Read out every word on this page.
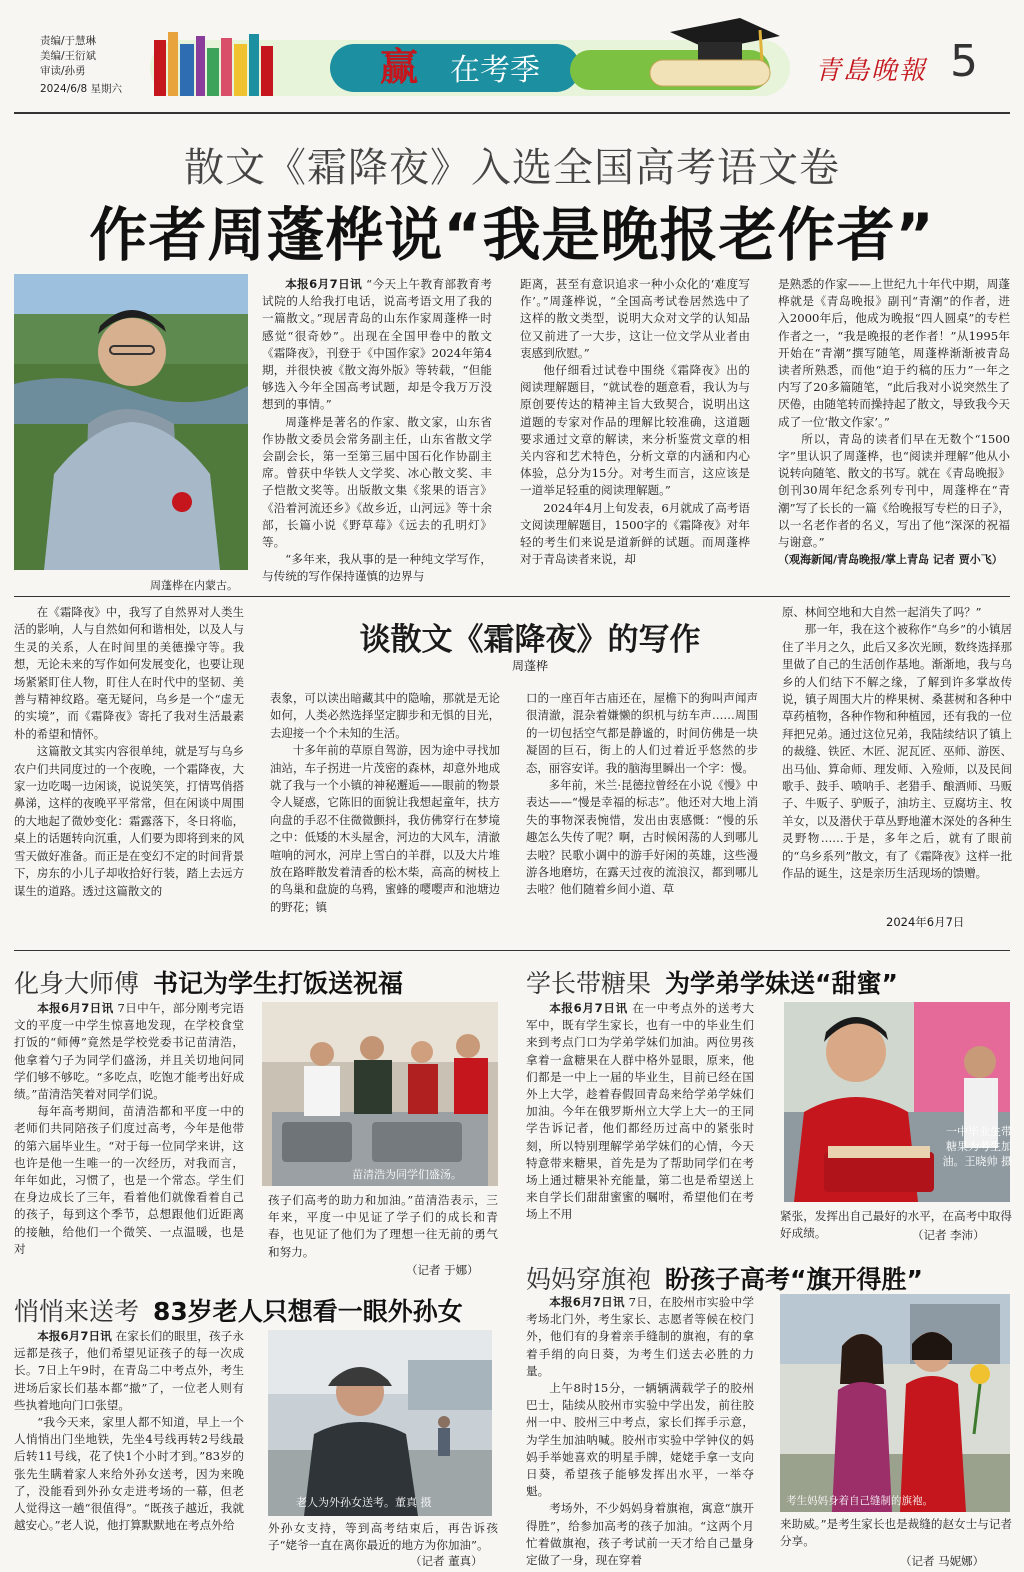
责编/于慧琳
美编/王衍斌
审读/孙勇
2024/6/8 星期六	赢 在考季	青島晚報 5
散文《霜降夜》入选全国高考语文卷
作者周蓬桦说“我是晚报老作者”
周蓬桦在内蒙古。

本报6月7日讯 “今天上午教育部教育考试院的人给我打电话，说高考语文用了我的一篇散文。”现居青岛的山东作家周蓬桦一时感觉“很奇妙”。出现在全国甲卷中的散文《霜降夜》，刊登于《中国作家》2024年第4期，并很快被《散文海外版》等转载，“但能够选入今年全国高考试题，却是令我万万没想到的事情。”

周蓬桦是著名的作家、散文家，山东省作协散文委员会常务副主任，山东省散文学会副会长，第一至第三届中国石化作协副主席。曾获中华铁人文学奖、冰心散文奖、丰子恺散文奖等。出版散文集《浆果的语言》《沿着河流还乡》《故乡近，山河远》等十余部，长篇小说《野草莓》《远去的孔明灯》等。

“多年来，我从事的是一种纯文学写作，与传统的写作保持谨慎的边界与

距离，甚至有意识追求一种小众化的‘难度写作’。”周蓬桦说，“全国高考试卷居然选中了这样的散文类型，说明大众对文学的认知品位又前进了一大步，这让一位文学从业者由衷感到欣慰。”

他仔细看过试卷中围绕《霜降夜》出的阅读理解题目，“就试卷的题意看，我认为与原创要传达的精神主旨大致契合，说明出这道题的专家对作品的理解比较准确，这道题要求通过文章的解读，来分析鉴赏文章的相关内容和艺术特色，分析文章的内涵和内心体验，总分为15分。对考生而言，这应该是一道举足轻重的阅读理解题。”

2024年4月上旬发表，6月就成了高考语文阅读理解题目，1500字的《霜降夜》对年轻的考生们来说是道新鲜的试题。而周蓬桦对于青岛读者来说，却

是熟悉的作家——上世纪九十年代中期，周蓬桦就是《青岛晚报》副刊“青潮”的作者，进入2000年后，他成为晚报“四人圆桌”的专栏作者之一，“我是晚报的老作者！”从1995年开始在“青潮”撰写随笔，周蓬桦渐渐被青岛读者所熟悉，而他“迫于约稿的压力”一年之内写了20多篇随笔，“此后我对小说突然生了厌倦，由随笔转而操持起了散文，导致我今天成了一位‘散文作家’。”

所以，青岛的读者们早在无数个“1500字”里认识了周蓬桦，也“阅读并理解”他从小说转向随笔、散文的书写。就在《青岛晚报》创刊30周年纪念系列专刊中，周蓬桦在“青潮”写了长长的一篇《给晚报写专栏的日子》，以一名老作者的名义，写出了他“深深的祝福与谢意。”

（观海新闻/青岛晚报/掌上青岛 记者 贾小飞）

谈散文《霜降夜》的写作
周蓬桦

在《霜降夜》中，我写了自然界对人类生活的影响，人与自然如何和谐相处，以及人与生灵的关系，人在时间里的美德操守等。我想，无论未来的写作如何发展变化，也要让现场紧紧盯住人物，盯住人在时代中的坚韧、美善与精神纹路。毫无疑问，乌乡是一个“虚无的实境”，而《霜降夜》寄托了我对生活最素朴的希望和情怀。

这篇散文其实内容很单纯，就是写与乌乡农户们共同度过的一个夜晚，一个霜降夜，大家一边吃喝一边闲谈，说说笑笑，打情骂俏搭鼻涕，这样的夜晚平平常常，但在闲谈中周围的大地起了微妙变化：霜露落下，冬日将临，桌上的话题转向沉重，人们要为即将到来的风雪天做好准备。而正是在变幻不定的时间背景下，房东的小儿子却收拾好行装，踏上去远方谋生的道路。透过这篇散文的

表象，可以读出暗藏其中的隐喻，那就是无论如何，人类必然选择坚定脚步和无惧的目光，去迎接一个个未知的生活。

十多年前的草原自驾游，因为途中寻找加油站，车子拐进一片茂密的森林，却意外地成就了我与一个小镇的神秘邂逅——眼前的物景令人疑惑，它陈旧的面貌让我想起童年，扶方向盘的手忍不住微微颤抖，我仿佛穿行在梦境之中：低矮的木头屋舍，河边的大风车，清澈喧响的河水，河岸上雪白的羊群，以及大片堆放在路畔散发着清香的松木柴，高高的树枝上的鸟巢和盘旋的乌鸦，蜜蜂的嘤嘤声和池塘边的野花；镇

口的一座百年古庙还在，屋檐下的狗叫声闻声很清澈，混杂着嫌懒的织机与纺车声……周围的一切包括空气都是静谧的，时间仿佛是一块凝固的巨石，街上的人们过着近乎悠然的步态，丽容安详。我的脑海里瞬出一个字：慢。

多年前，米兰·昆德拉曾经在小说《慢》中表达——“慢是幸福的标志”。他还对大地上消失的事物深表惋惜，发出由衷感慨：“慢的乐趣怎么失传了呢？啊，古时候闲荡的人到哪儿去啦？民歌小调中的游手好闲的英雄，这些漫游各地磨坊，在露天过夜的流浪汉，都到哪儿去啦？他们随着乡间小道、草

原、林间空地和大自然一起消失了吗？”

那一年，我在这个被称作“乌乡”的小镇居住了半月之久，此后又多次光顾，数终选择那里做了自己的生活创作基地。渐渐地，我与乌乡的人们结下不解之缘，了解到许多掌故传说，镇子周围大片的桦果树、桑葚树和各种中草药植物，各种作物和种植园，还有我的一位拜把兄弟。通过这位兄弟，我陆续结识了镇上的裁缝、铁匠、木匠、泥瓦匠、巫师、游医、出马仙、算命师、理发师、入殓师，以及民间歌手、鼓手、喷呐手、老猎手、酿酒师、马贩子、牛贩子、驴贩子，油坊主、豆腐坊主、牧羊女，以及潜伏于草丛野地灌木深处的各种生灵野物……于是，多年之后，就有了眼前的“乌乡系列”散文，有了《霜降夜》这样一批作品的诞生，这是亲历生活现场的馈赠。

2024年6月7日
化身大师傅 书记为学生打饭送祝福

本报6月7日讯 7日中午，部分刚考完语文的平度一中学生惊喜地发现，在学校食堂打饭的“师傅”竟然是学校党委书记苗清浩，他拿着勺子为同学们盛汤，并且关切地问同学们够不够吃。“多吃点，吃饱才能考出好成绩。”苗清浩笑着对同学们说。

每年高考期间，苗清浩都和平度一中的老师们共同陪孩子们度过高考，今年是他带的第六届毕业生。“对于每一位同学来讲，这也许是他一生唯一的一次经历，对我而言，年年如此，习惯了，也是一个常态。学生们在身边成长了三年，看着他们就像看着自己的孩子，每到这个季节，总想跟他们近距离的接触，给他们一个微笑、一点温暖，也是对

苗清浩为同学们盛汤。

孩子们高考的助力和加油。”苗清浩表示，三年来，平度一中见证了学子们的成长和青春，也见证了他们为了理想一往无前的勇气和努力。

（记者 于娜）
学长带糖果 为学弟学妹送“甜蜜”

本报6月7日讯 在一中考点外的送考大军中，既有学生家长，也有一中的毕业生们来到考点门口为学弟学妹们加油。两位男孩拿着一盒糖果在人群中格外显眼，原来，他们都是一中上一届的毕业生，目前已经在国外上大学，趁着春假回青岛来给学弟学妹们加油。今年在俄罗斯州立大学上大一的王同学告诉记者，他们都经历过高中的紧张时刻，所以特别理解学弟学妹们的心情，今天特意带来糖果，首先是为了帮助同学们在考场上通过糖果补充能量，第二也是希望送上来自学长们甜甜蜜蜜的嘱咐，希望他们在考场上不用

一中毕业生带糖果为考生加油。王晓帅 摄

紧张，发挥出自己最好的水平，在高考中取得好成绩。	（记者 李沛）
妈妈穿旗袍 盼孩子高考“旗开得胜”

本报6月7日讯 7日，在胶州市实验中学考场北门外，考生家长、志愿者等候在校门外，他们有的身着亲手缝制的旗袍，有的拿着手绢的向日葵，为考生们送去必胜的力量。

上午8时15分，一辆辆满载学子的胶州巴士，陆续从胶州市实验中学出发，前往胶州一中、胶州三中考点，家长们挥手示意，为学生加油呐喊。胶州市实验中学钟仪的妈妈手举她喜欢的明星手牌，姥姥手拿一支向日葵，希望孩子能够发挥出水平，一举夺魁。

考场外，不少妈妈身着旗袍，寓意“旗开得胜”，给参加高考的孩子加油。“这两个月忙着做旗袍，孩子考试前一天才给自己量身定做了一身，现在穿着

考生妈妈身着自己缝制的旗袍。

来助威。”是考生家长也是裁缝的赵女士与记者分享。

（记者 马妮娜）
悄悄来送考 83岁老人只想看一眼外孙女

本报6月7日讯 在家长们的眼里，孩子永远都是孩子，他们希望见证孩子的每一次成长。7日上午9时，在青岛二中考点外，考生进场后家长们基本都“撤”了，一位老人则有些执着地向门口张望。

“我今天来，家里人都不知道，早上一个人悄悄出门坐地铁，先坐4号线再转2号线最后转11号线，花了快1个小时才到。”83岁的张先生瞒着家人来给外孙女送考，因为来晚了，没能看到外孙女走进考场的一幕，但老人觉得这一趟“很值得”。“既孩子越近，我就越安心。”老人说，他打算默默地在考点外给

老人为外孙女送考。董真 摄

外孙女支持，等到高考结束后，再告诉孩子“姥爷一直在离你最近的地方为你加油”。

（记者 董真）
